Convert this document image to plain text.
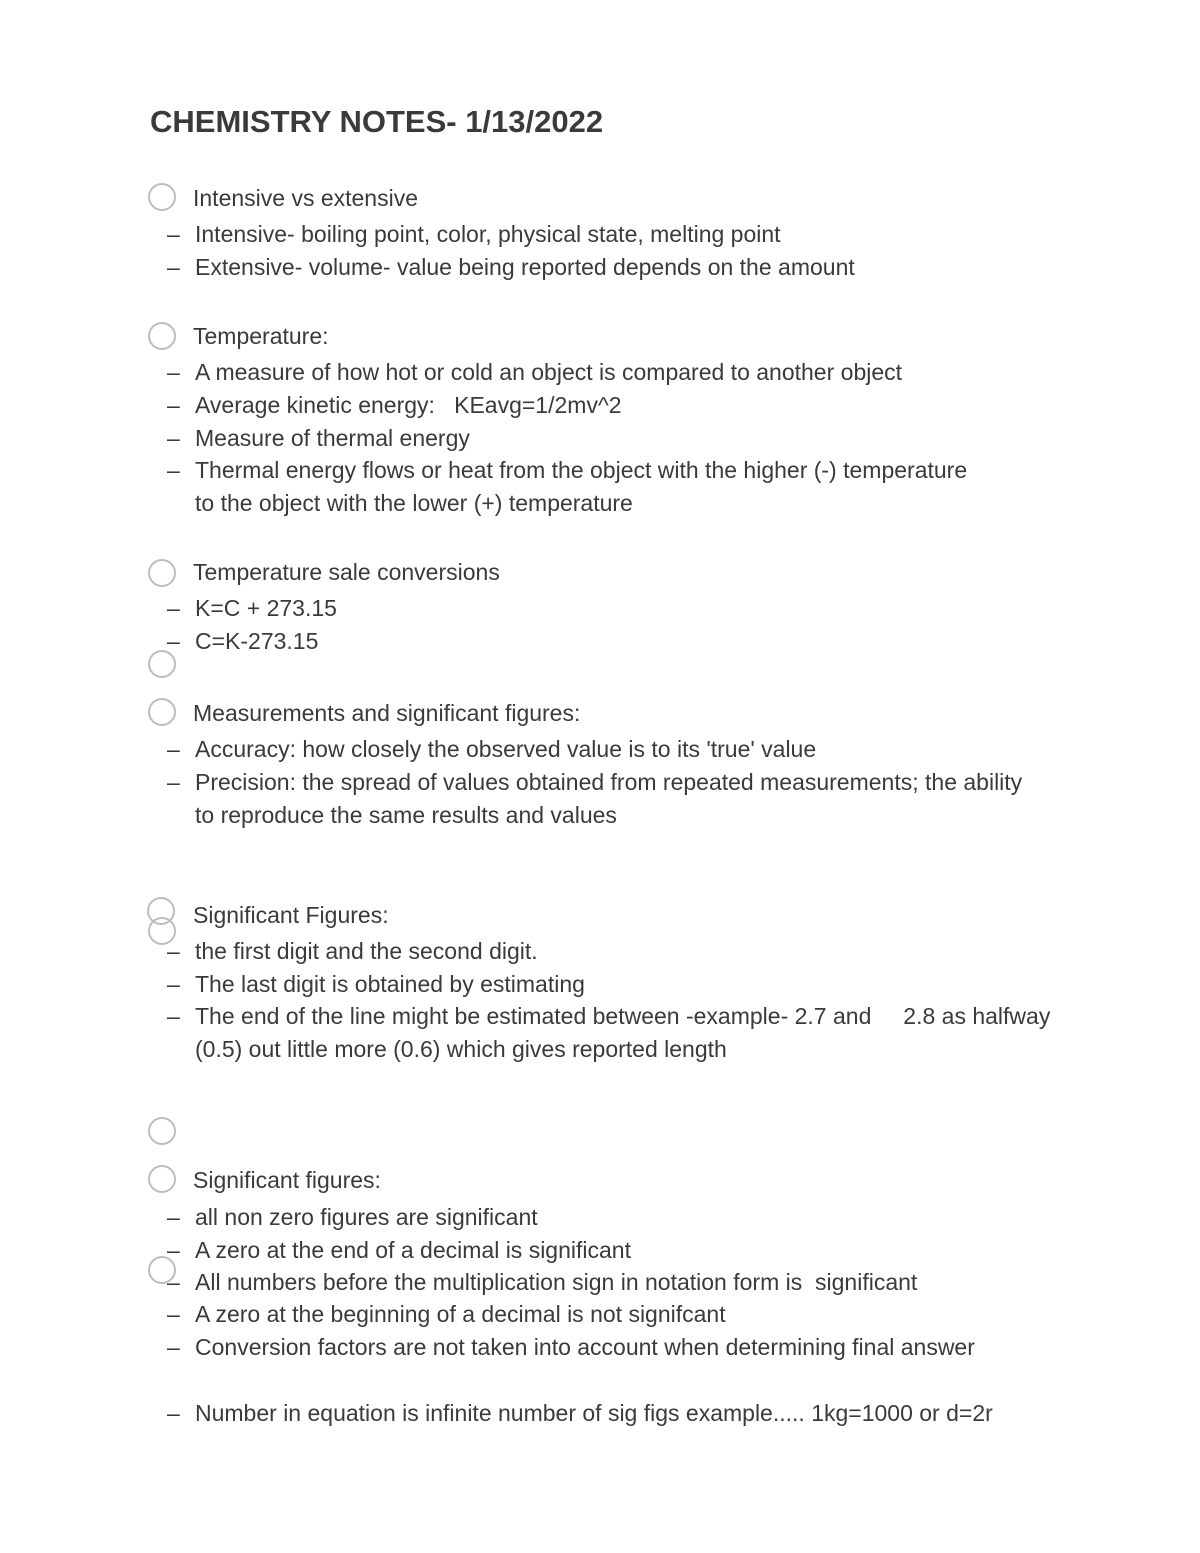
CHEMISTRY NOTES- 1/13/2022
Intensive vs extensive
– Intensive- boiling point, color, physical state, melting point
– Extensive- volume- value being reported depends on the amount
Temperature:
– A measure of how hot or cold an object is compared to another object
– Average kinetic energy:   KEavg=1/2mv^2
– Measure of thermal energy
– Thermal energy flows or heat from the object with the higher (-) temperature to the object with the lower (+) temperature
Temperature sale conversions
– K=C + 273.15
– C=K-273.15
Measurements and significant figures:
– Accuracy: how closely the observed value is to its 'true' value
– Precision: the spread of values obtained from repeated measurements; the ability to reproduce the same results and values
Significant Figures:
– the first digit and the second digit.
– The last digit is obtained by estimating
– The end of the line might be estimated between -example- 2.7 and     2.8 as halfway (0.5) out little more (0.6) which gives reported length
Significant figures:
– all non zero figures are significant
– A zero at the end of a decimal is significant
– All numbers before the multiplication sign in notation form is  significant
– A zero at the beginning of a decimal is not signifcant
– Conversion factors are not taken into account when determining final answer
– Number in equation is infinite number of sig figs example..... 1kg=1000 or d=2r
